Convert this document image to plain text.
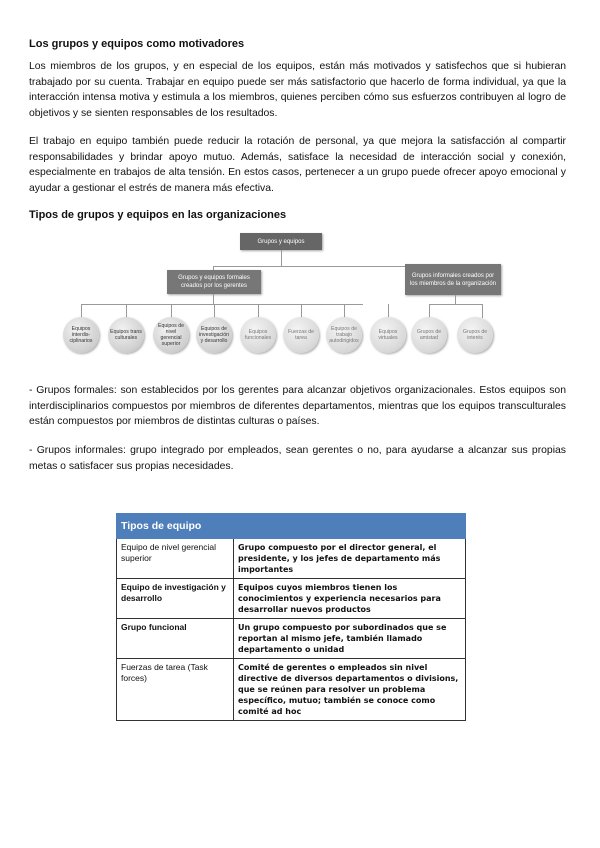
Los grupos y equipos como motivadores

Los miembros de los grupos, y en especial de los equipos, están más motivados y satisfechos que si hubieran trabajado por su cuenta. Trabajar en equipo puede ser más satisfactorio que hacerlo de forma individual, ya que la interacción intensa motiva y estimula a los miembros, quienes perciben cómo sus esfuerzos contribuyen al logro de objetivos y se sienten responsables de los resultados.

El trabajo en equipo también puede reducir la rotación de personal, ya que mejora la satisfacción al compartir responsabilidades y brindar apoyo mutuo. Además, satisface la necesidad de interacción social y conexión, especialmente en trabajos de alta tensión. En estos casos, pertenecer a un grupo puede ofrecer apoyo emocional y ayudar a gestionar el estrés de manera más efectiva.

Tipos de grupos y equipos en las organizaciones
Grupos y equipos
Grupos y equipos formales creados por los gerentes
Grupos informales creados por los miembros de la organización
Equipos interdis-ciplinarios
Equipos trans culturales
Equipos de nivel gerencial superior
Equipos de investigación y desarrollo
Equipos funcionales
Fuerzas de tarea
Equipos de trabajo autodirigidos
Equipos virtuales
Grupos de amistad
Grupos de interés

- Grupos formales: son establecidos por los gerentes para alcanzar objetivos organizacionales. Estos equipos son interdisciplinarios compuestos por miembros de diferentes departamentos, mientras que los equipos transculturales están compuestos por miembros de distintas culturas o países.

- Grupos informales: grupo integrado por empleados, sean gerentes o no, para ayudarse a alcanzar sus propias metas o satisfacer sus propias necesidades.

Tipos de equipo	
Equipo de nivel gerencial superior	Grupo compuesto por el director general, el presidente, y los jefes de departamento más importantes
Equipo de investigación y desarrollo	Equipos cuyos miembros tienen los conocimientos y experiencia necesarios para desarrollar nuevos productos
Grupo funcional	Un grupo compuesto por subordinados que se reportan al mismo jefe, también llamado departamento o unidad
Fuerzas de tarea (Task forces)	Comité de gerentes o empleados sin nivel directive de diversos departamentos o divisions, que se reúnen para resolver un problema específico, mutuo; también se conoce como comité ad hoc
